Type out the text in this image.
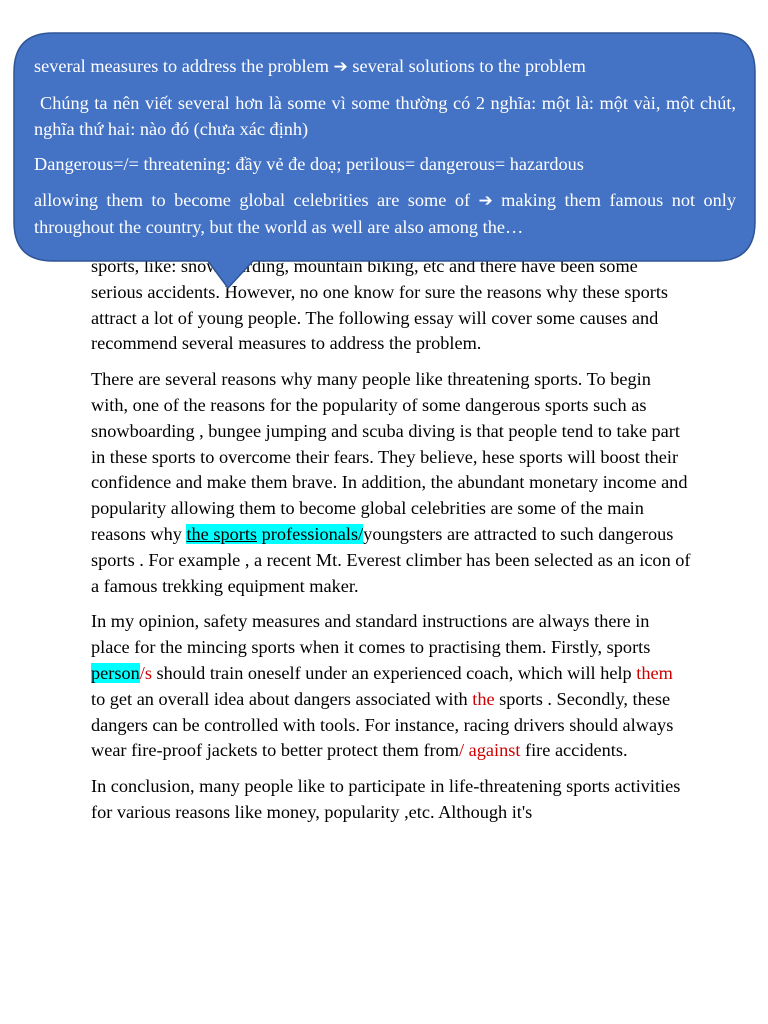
sports, like: snowboarding, mountain biking, etc and there have been some serious accidents. However, no one know for sure the reasons why these sports attract a lot of young people. The following essay will cover some causes and recommend several measures to address the problem.

There are several reasons why many people like threatening sports. To begin with, one of the reasons for the popularity of some dangerous sports such as snowboarding , bungee jumping and scuba diving is that people tend to take part in these sports to overcome their fears. They believe, hese sports will boost their confidence and make them brave. In addition, the abundant monetary income and popularity allowing them to become global celebrities are some of the main reasons why the sports professionals/youngsters are attracted to such dangerous sports . For example , a recent Mt. Everest climber has been selected as an icon of a famous trekking equipment maker.

In my opinion, safety measures and standard instructions are always there in place for the mincing sports when it comes to practising them. Firstly, sports person/s should train oneself under an experienced coach, which will help them to get an overall idea about dangers associated with the sports . Secondly, these dangers can be controlled with tools. For instance, racing drivers should always wear fire-proof jackets to better protect them from/ against fire accidents.

In conclusion, many people like to participate in life-threatening sports activities for various reasons like money, popularity ,etc. Although it's

several measures to address the problem ➔ several solutions to the problem

Chúng ta nên viết several hơn là some vì some thường có 2 nghĩa: một là: một vài, một chút, nghĩa thứ hai: nào đó (chưa xác định)

Dangerous=/= threatening: đầy vẻ đe doạ; perilous= dangerous= hazardous

allowing them to become global celebrities are some of ➔ making them famous not only throughout the country, but the world as well are also among the…
